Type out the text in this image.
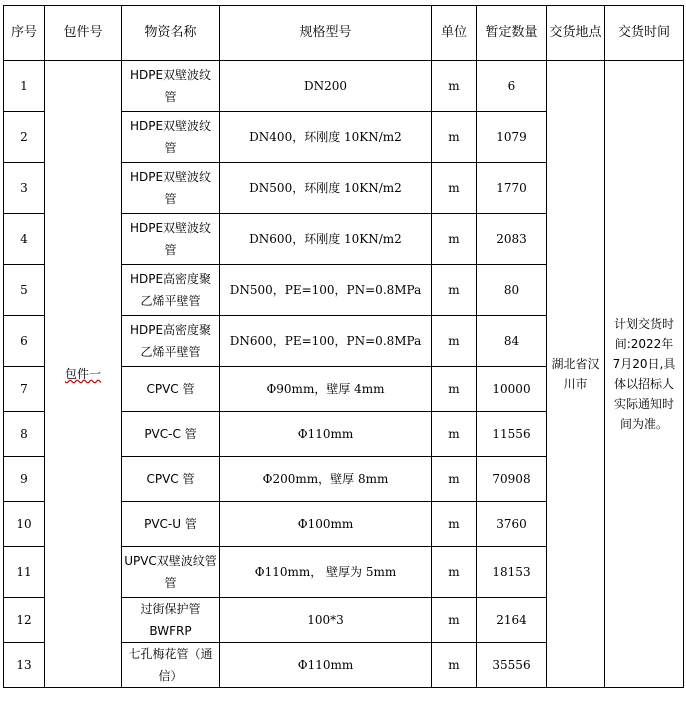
序号	包件号	物资名称	规格型号	单位	暂定数量	交货地点	交货时间
1	包件一	HDPE双壁波纹管	DN200	m	6	湖北省汉川市	计划交货时间:2022年7月20日,具体以招标人实际通知时间为准。
2		HDPE双壁波纹管	DN400，环刚度 10KN/m2	m	1079		
3		HDPE双壁波纹管	DN500，环刚度 10KN/m2	m	1770		
4		HDPE双壁波纹管	DN600，环刚度 10KN/m2	m	2083		
5		HDPE高密度聚乙烯平壁管	DN500，PE=100，PN=0.8MPa	m	80		
6		HDPE高密度聚乙烯平壁管	DN600，PE=100，PN=0.8MPa	m	84		
7		CPVC 管	Φ90mm，壁厚 4mm	m	10000		
8		PVC-C 管	Φ110mm	m	11556		
9		CPVC 管	Φ200mm，壁厚 8mm	m	70908		
10		PVC-U 管	Φ100mm	m	3760		
11		UPVC双壁波纹管管	Φ110mm， 壁厚为 5mm	m	18153		
12		过街保护管BWFRP	100*3	m	2164		
13		七孔梅花管（通信）	Φ110mm	m	35556		
